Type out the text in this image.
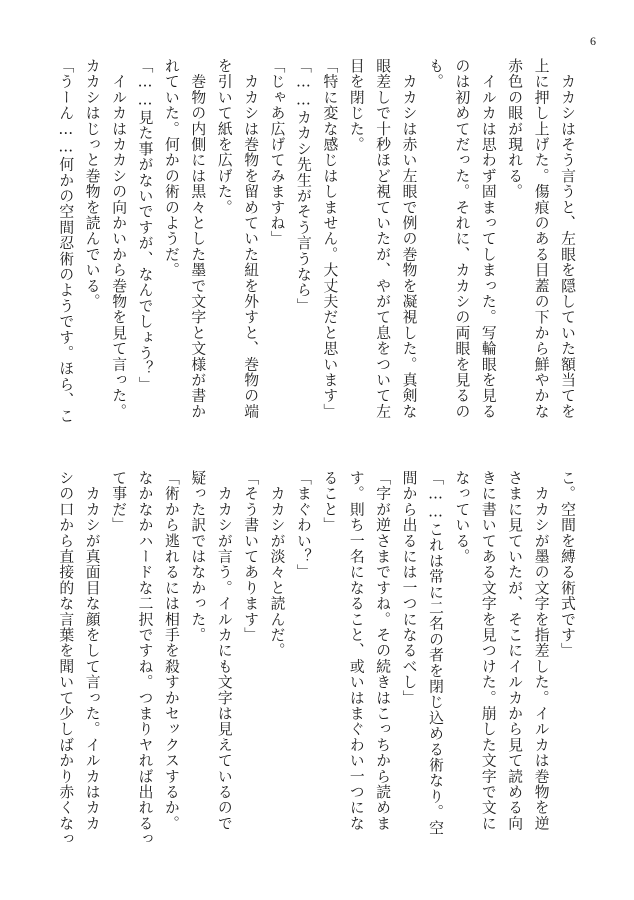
6
　カカシはそう言うと、左眼を隠していた額当てを
上に押し上げた。傷痕のある目蓋の下から鮮やかな
赤色の眼が現れる。
　イルカは思わず固まってしまった。写輪眼を見る
のは初めてだった。それに、カカシの両眼を見るの
も。
　カカシは赤い左眼で例の巻物を凝視した。真剣な
眼差しで十秒ほど視ていたが、やがて息をついて左
目を閉じた。
「特に変な感じはしません。大丈夫だと思います」
「……カカシ先生がそう言うなら」
「じゃあ広げてみますね」
　カカシは巻物を留めていた紐を外すと、巻物の端
を引いて紙を広げた。
　巻物の内側には黒々とした墨で文字と文様が書か
れていた。何かの術のようだ。
「……見た事がないですが、なんでしょう？」
　イルカはカカシの向かいから巻物を見て言った。
カカシはじっと巻物を読んでいる。
「うーん……何かの空間忍術のようです。ほら、こ
こ。空間を縛る術式です」
　カカシが墨の文字を指差した。イルカは巻物を逆
さまに見ていたが、そこにイルカから見て読める向
きに書いてある文字を見つけた。崩した文字で文に
なっている。
「……これは常に二名の者を閉じ込める術なり。空
間から出るには一つになるべし」
「字が逆さまですね。その続きはこっちから読めま
す。則ち一名になること、或いはまぐわい一つにな
ること」
「まぐわい？」
　カカシが淡々と読んだ。
「そう書いてあります」
　カカシが言う。イルカにも文字は見えているので
疑った訳ではなかった。
「術から逃れるには相手を殺すかセックスするか。
なかなかハードな二択ですね。つまりヤれば出れるっ
て事だ」
　カカシが真面目な顔をして言った。イルカはカカ
シの口から直接的な言葉を聞いて少しばかり赤くなっ
